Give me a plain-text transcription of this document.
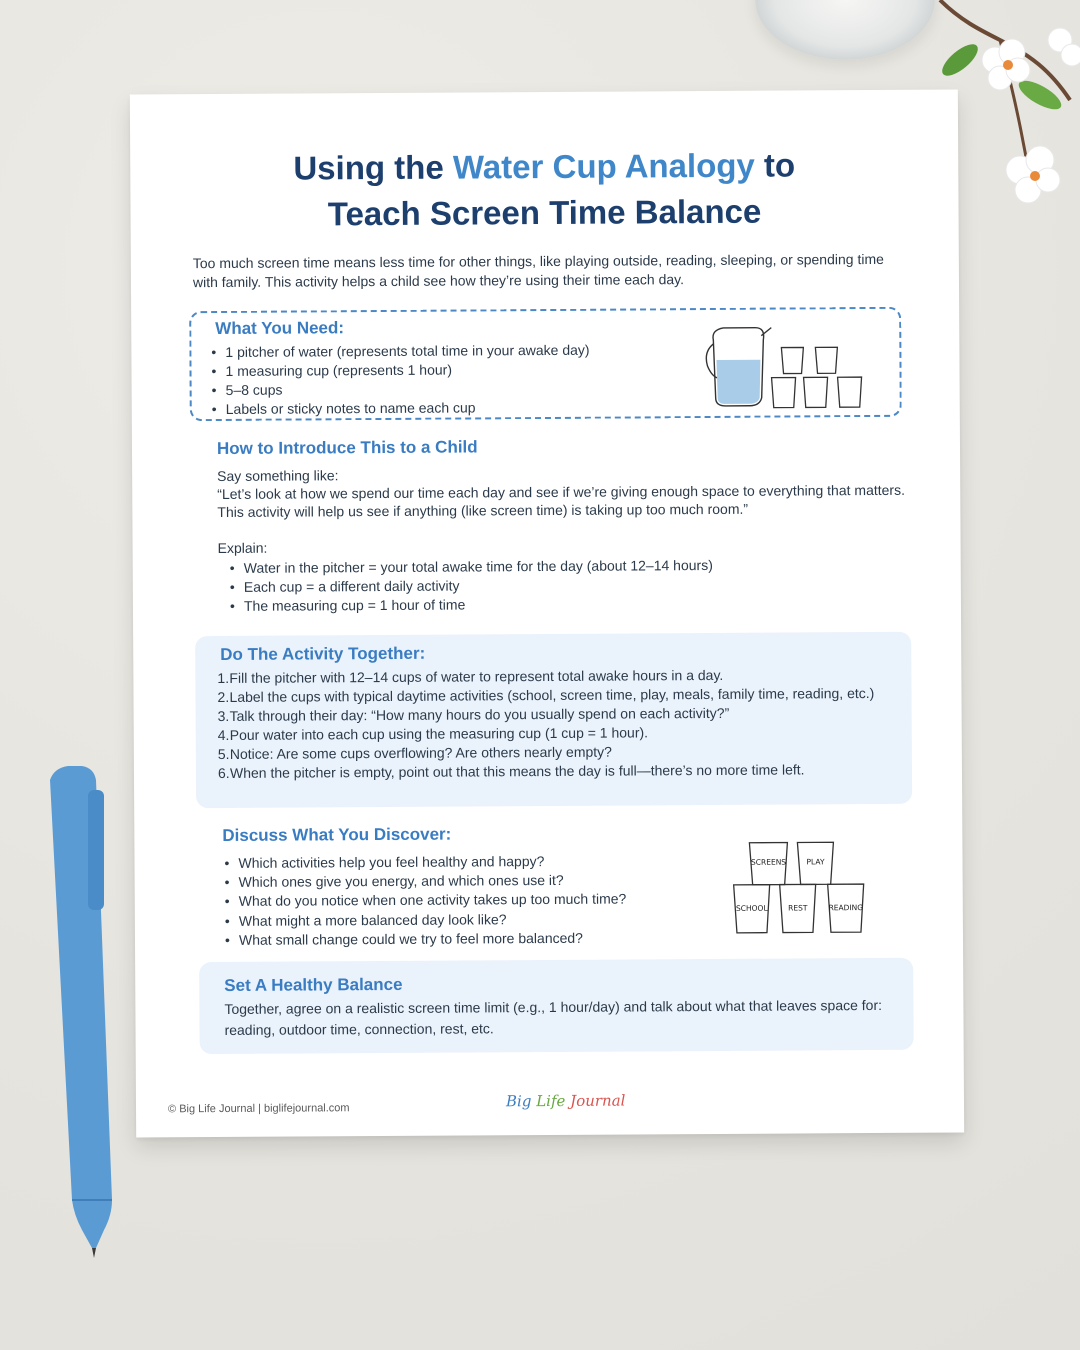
Using the Water Cup Analogy to
Teach Screen Time Balance
Too much screen time means less time for other things, like playing outside, reading, sleeping, or spending time with family. This activity helps a child see how they’re using their time each day.
What You Need:
• 1 pitcher of water (represents total time in your awake day)
• 1 measuring cup (represents 1 hour)
• 5–8 cups
• Labels or sticky notes to name each cup
How to Introduce This to a Child
Say something like:
“Let’s look at how we spend our time each day and see if we’re giving enough space to everything that matters. This activity will help us see if anything (like screen time) is taking up too much room.”
Explain:
• Water in the pitcher = your total awake time for the day (about 12–14 hours)
• Each cup = a different daily activity
• The measuring cup = 1 hour of time
Do The Activity Together:
1. Fill the pitcher with 12–14 cups of water to represent total awake hours in a day.
2. Label the cups with typical daytime activities (school, screen time, play, meals, family time, reading, etc.)
3. Talk through their day: “How many hours do you usually spend on each activity?”
4. Pour water into each cup using the measuring cup (1 cup = 1 hour).
5. Notice: Are some cups overflowing? Are others nearly empty?
6. When the pitcher is empty, point out that this means the day is full—there’s no more time left.
Discuss What You Discover:
• Which activities help you feel healthy and happy?
• Which ones give you energy, and which ones use it?
• What do you notice when one activity takes up too much time?
• What might a more balanced day look like?
• What small change could we try to feel more balanced?
SCREENS	PLAY
SCHOOL	REST	READING
Set A Healthy Balance
Together, agree on a realistic screen time limit (e.g., 1 hour/day) and talk about what that leaves space for: reading, outdoor time, connection, rest, etc.
© Big Life Journal | biglifejournal.com	Big Life Journal
